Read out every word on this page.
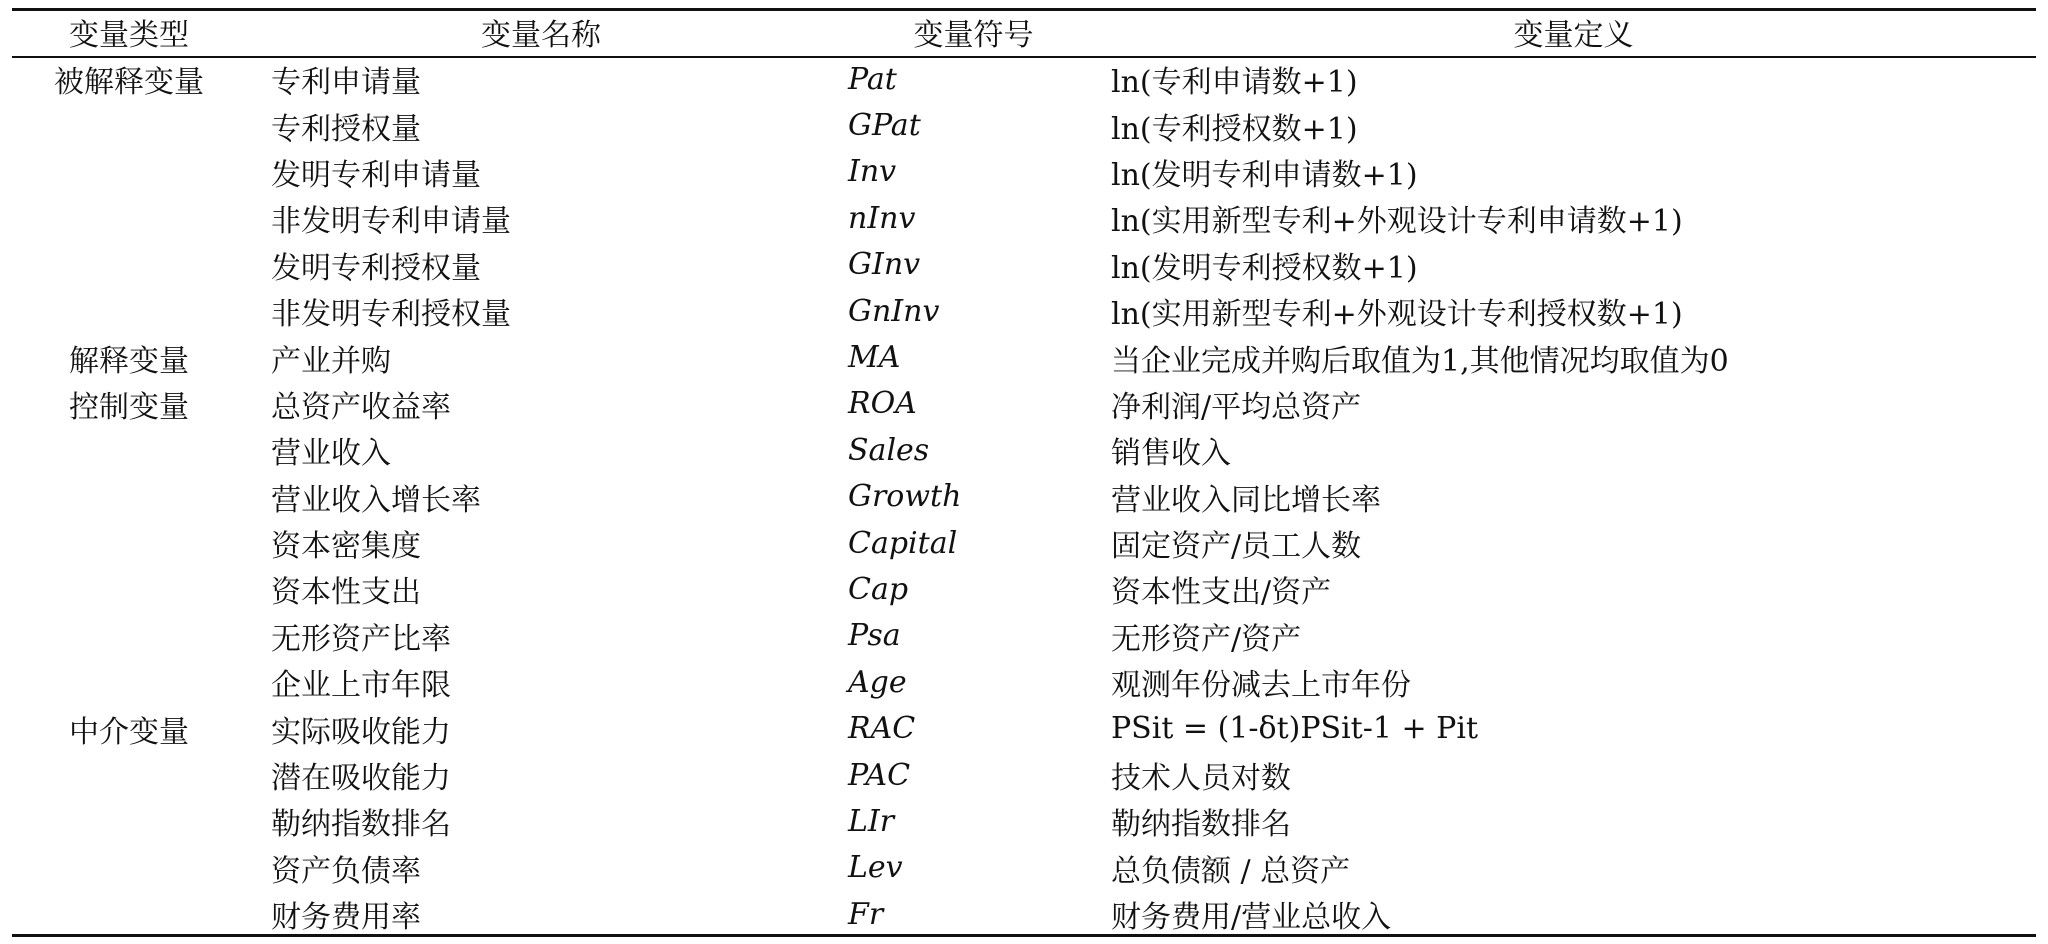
变量类型	变量名称	变量符号	变量定义
被解释变量	专利申请量	Pat	ln(专利申请数+1)
	专利授权量	GPat	ln(专利授权数+1)
	发明专利申请量	Inv	ln(发明专利申请数+1)
	非发明专利申请量	nInv	ln(实用新型专利+外观设计专利申请数+1)
	发明专利授权量	GInv	ln(发明专利授权数+1)
	非发明专利授权量	GnInv	ln(实用新型专利+外观设计专利授权数+1)
解释变量	产业并购	MA	当企业完成并购后取值为1,其他情况均取值为0
控制变量	总资产收益率	ROA	净利润/平均总资产
	营业收入	Sales	销售收入
	营业收入增长率	Growth	营业收入同比增长率
	资本密集度	Capital	固定资产/员工人数
	资本性支出	Cap	资本性支出/资产
	无形资产比率	Psa	无形资产/资产
	企业上市年限	Age	观测年份减去上市年份
中介变量	实际吸收能力	RAC	PSit = (1-δt)PSit-1 + Pit
	潜在吸收能力	PAC	技术人员对数
	勒纳指数排名	LIr	勒纳指数排名
	资产负债率	Lev	总负债额 / 总资产
	财务费用率	Fr	财务费用/营业总收入
